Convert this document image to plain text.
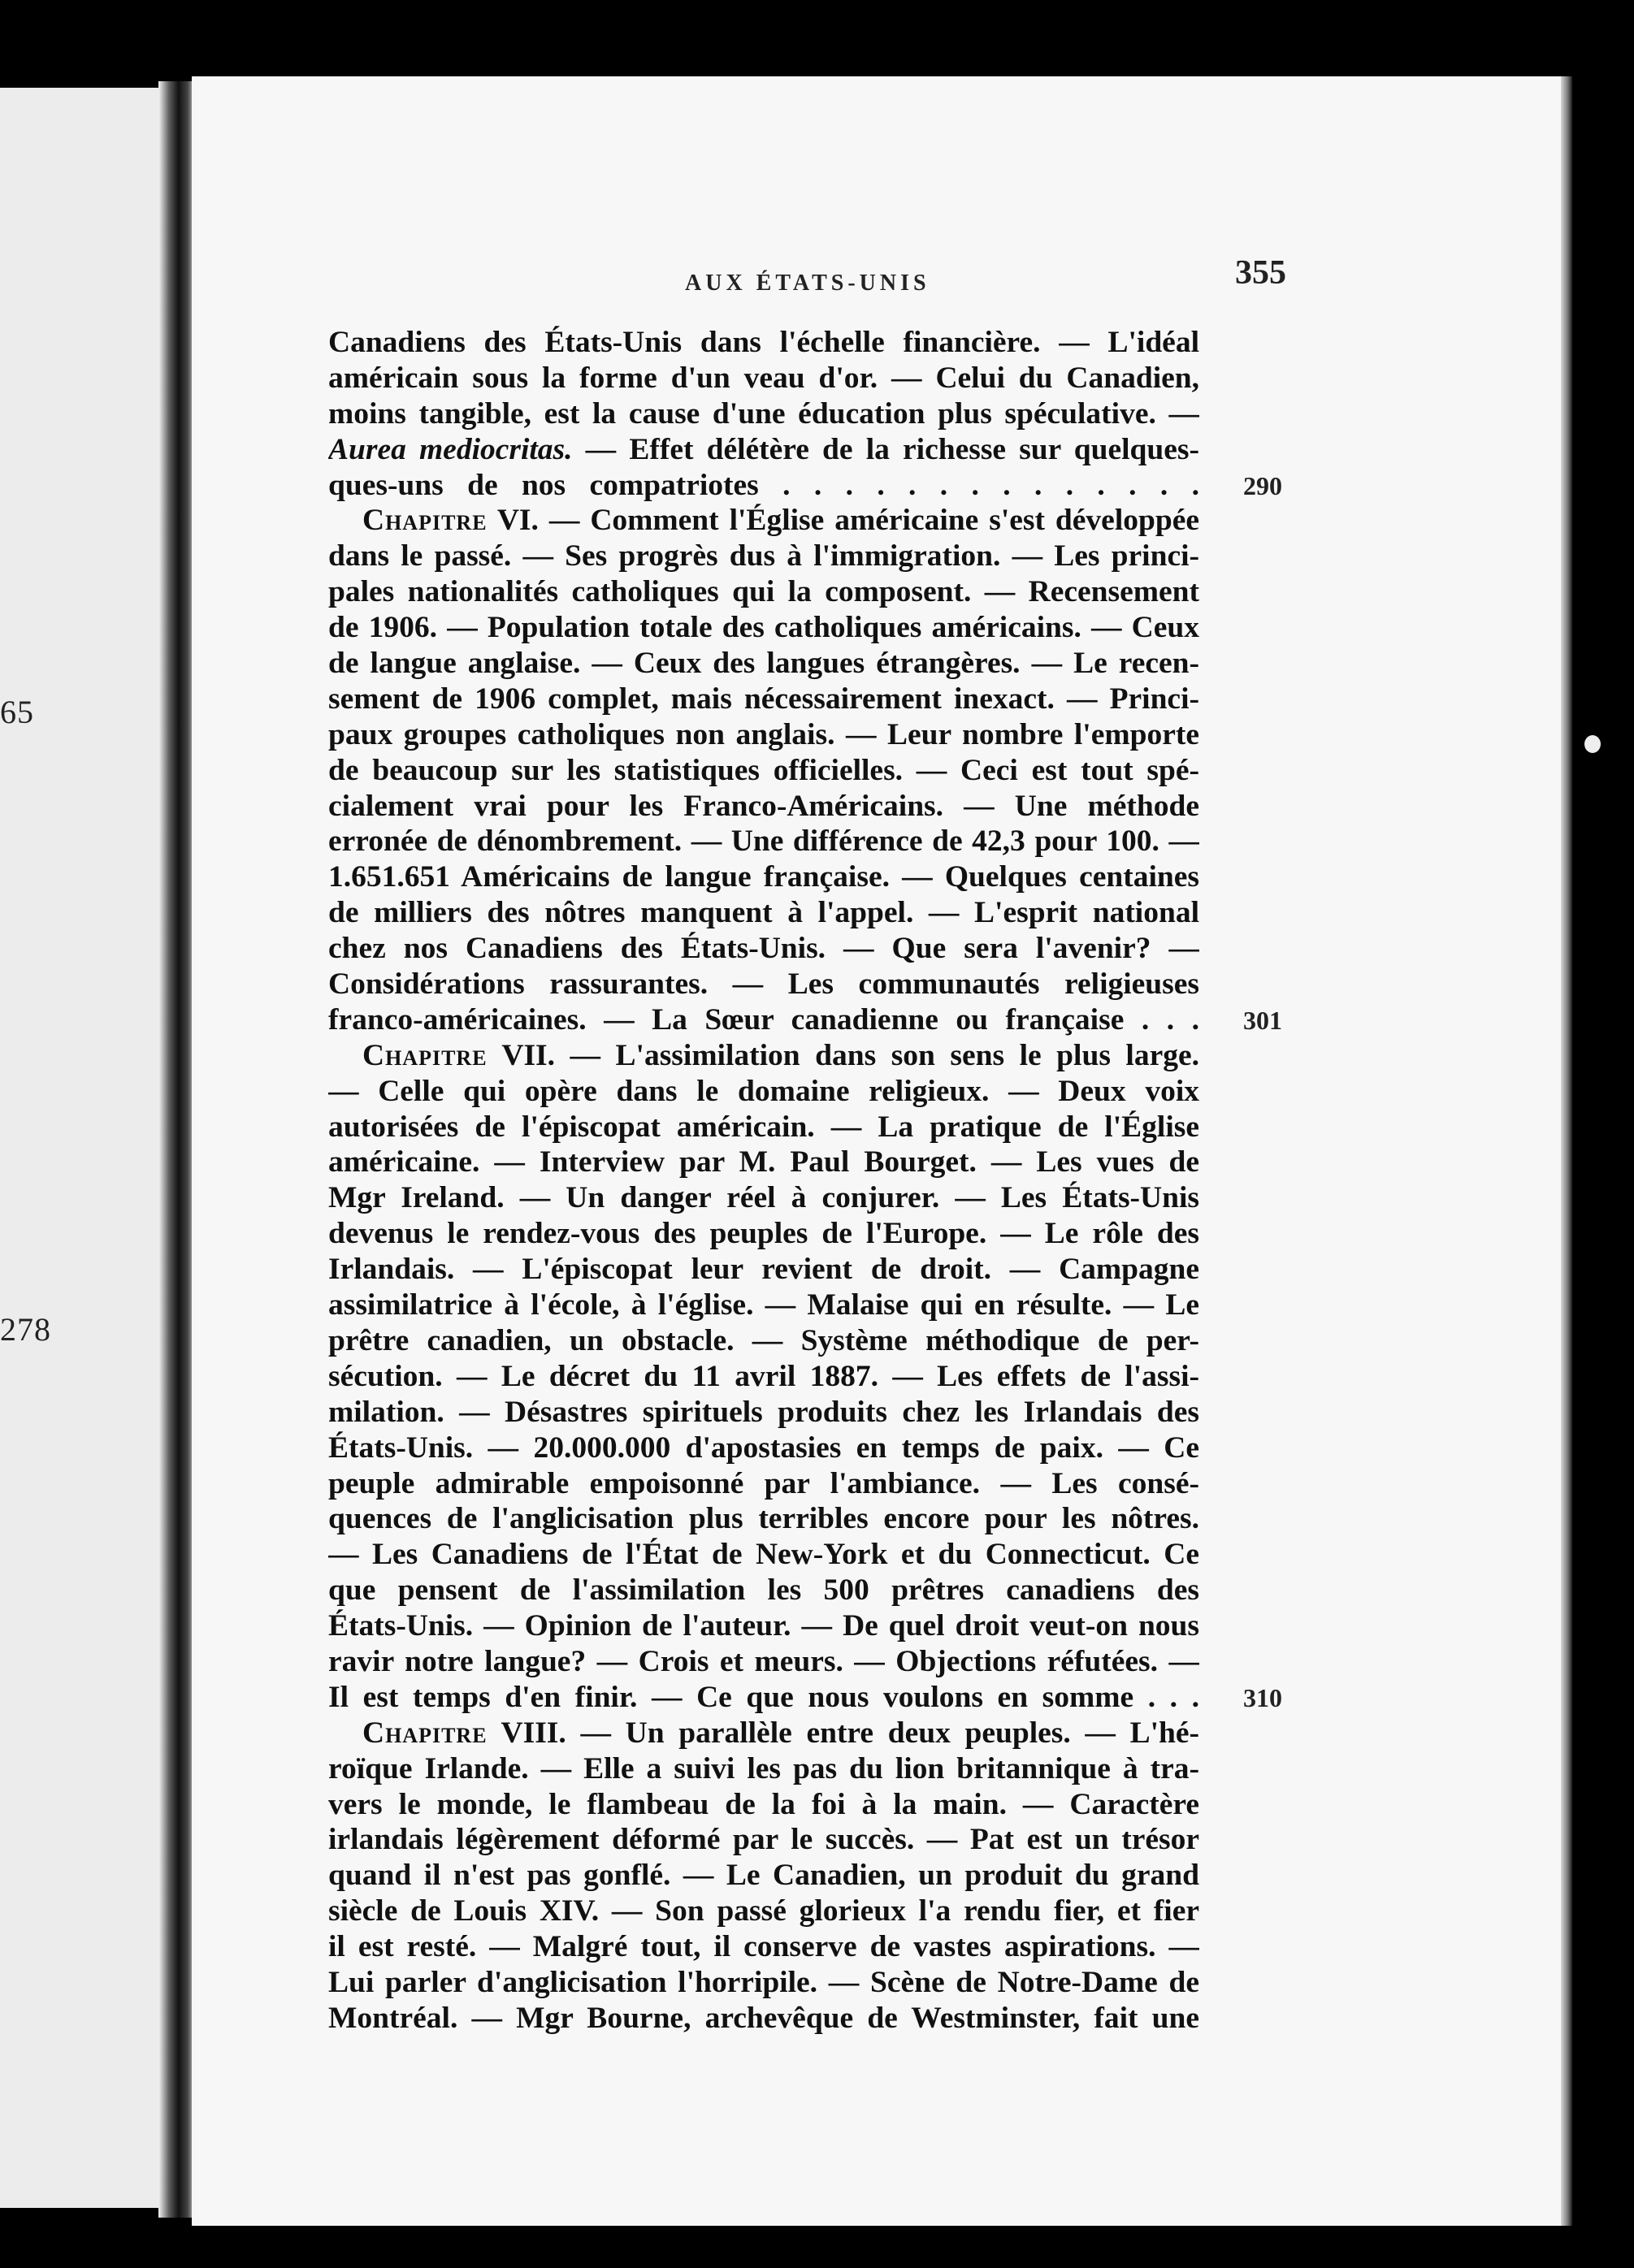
65
278
AUX ÉTATS-UNIS	355
Canadiens des États-Unis dans l'échelle financière. — L'idéal
américain sous la forme d'un veau d'or. — Celui du Canadien,
moins tangible, est la cause d'une éducation plus spéculative. —
Aurea mediocritas. — Effet délétère de la richesse sur quelques-
ques-uns de nos compatriotes . . . . . . . . . . . . . .
Chapitre VI. — Comment l'Église américaine s'est développée
dans le passé. — Ses progrès dus à l'immigration. — Les princi-
pales nationalités catholiques qui la composent. — Recensement
de 1906. — Population totale des catholiques américains. — Ceux
de langue anglaise. — Ceux des langues étrangères. — Le recen-
sement de 1906 complet, mais nécessairement inexact. — Princi-
paux groupes catholiques non anglais. — Leur nombre l'emporte
de beaucoup sur les statistiques officielles. — Ceci est tout spé-
cialement vrai pour les Franco-Américains. — Une méthode
erronée de dénombrement. — Une différence de 42,3 pour 100. —
1.651.651 Américains de langue française. — Quelques centaines
de milliers des nôtres manquent à l'appel. — L'esprit national
chez nos Canadiens des États-Unis. — Que sera l'avenir? —
Considérations rassurantes. — Les communautés religieuses
franco-américaines. — La Sœur canadienne ou française . . .
Chapitre VII. — L'assimilation dans son sens le plus large.
— Celle qui opère dans le domaine religieux. — Deux voix
autorisées de l'épiscopat américain. — La pratique de l'Église
américaine. — Interview par M. Paul Bourget. — Les vues de
Mgr Ireland. — Un danger réel à conjurer. — Les États-Unis
devenus le rendez-vous des peuples de l'Europe. — Le rôle des
Irlandais. — L'épiscopat leur revient de droit. — Campagne
assimilatrice à l'école, à l'église. — Malaise qui en résulte. — Le
prêtre canadien, un obstacle. — Système méthodique de per-
sécution. — Le décret du 11 avril 1887. — Les effets de l'assi-
milation. — Désastres spirituels produits chez les Irlandais des
États-Unis. — 20.000.000 d'apostasies en temps de paix. — Ce
peuple admirable empoisonné par l'ambiance. — Les consé-
quences de l'anglicisation plus terribles encore pour les nôtres.
— Les Canadiens de l'État de New-York et du Connecticut. Ce
que pensent de l'assimilation les 500 prêtres canadiens des
États-Unis. — Opinion de l'auteur. — De quel droit veut-on nous
ravir notre langue? — Crois et meurs. — Objections réfutées. —
Il est temps d'en finir. — Ce que nous voulons en somme . . .
Chapitre VIII. — Un parallèle entre deux peuples. — L'hé-
roïque Irlande. — Elle a suivi les pas du lion britannique à tra-
vers le monde, le flambeau de la foi à la main. — Caractère
irlandais légèrement déformé par le succès. — Pat est un trésor
quand il n'est pas gonflé. — Le Canadien, un produit du grand
siècle de Louis XIV. — Son passé glorieux l'a rendu fier, et fier
il est resté. — Malgré tout, il conserve de vastes aspirations. —
Lui parler d'anglicisation l'horripile. — Scène de Notre-Dame de
Montréal. — Mgr Bourne, archevêque de Westminster, fait une
290
301
310
